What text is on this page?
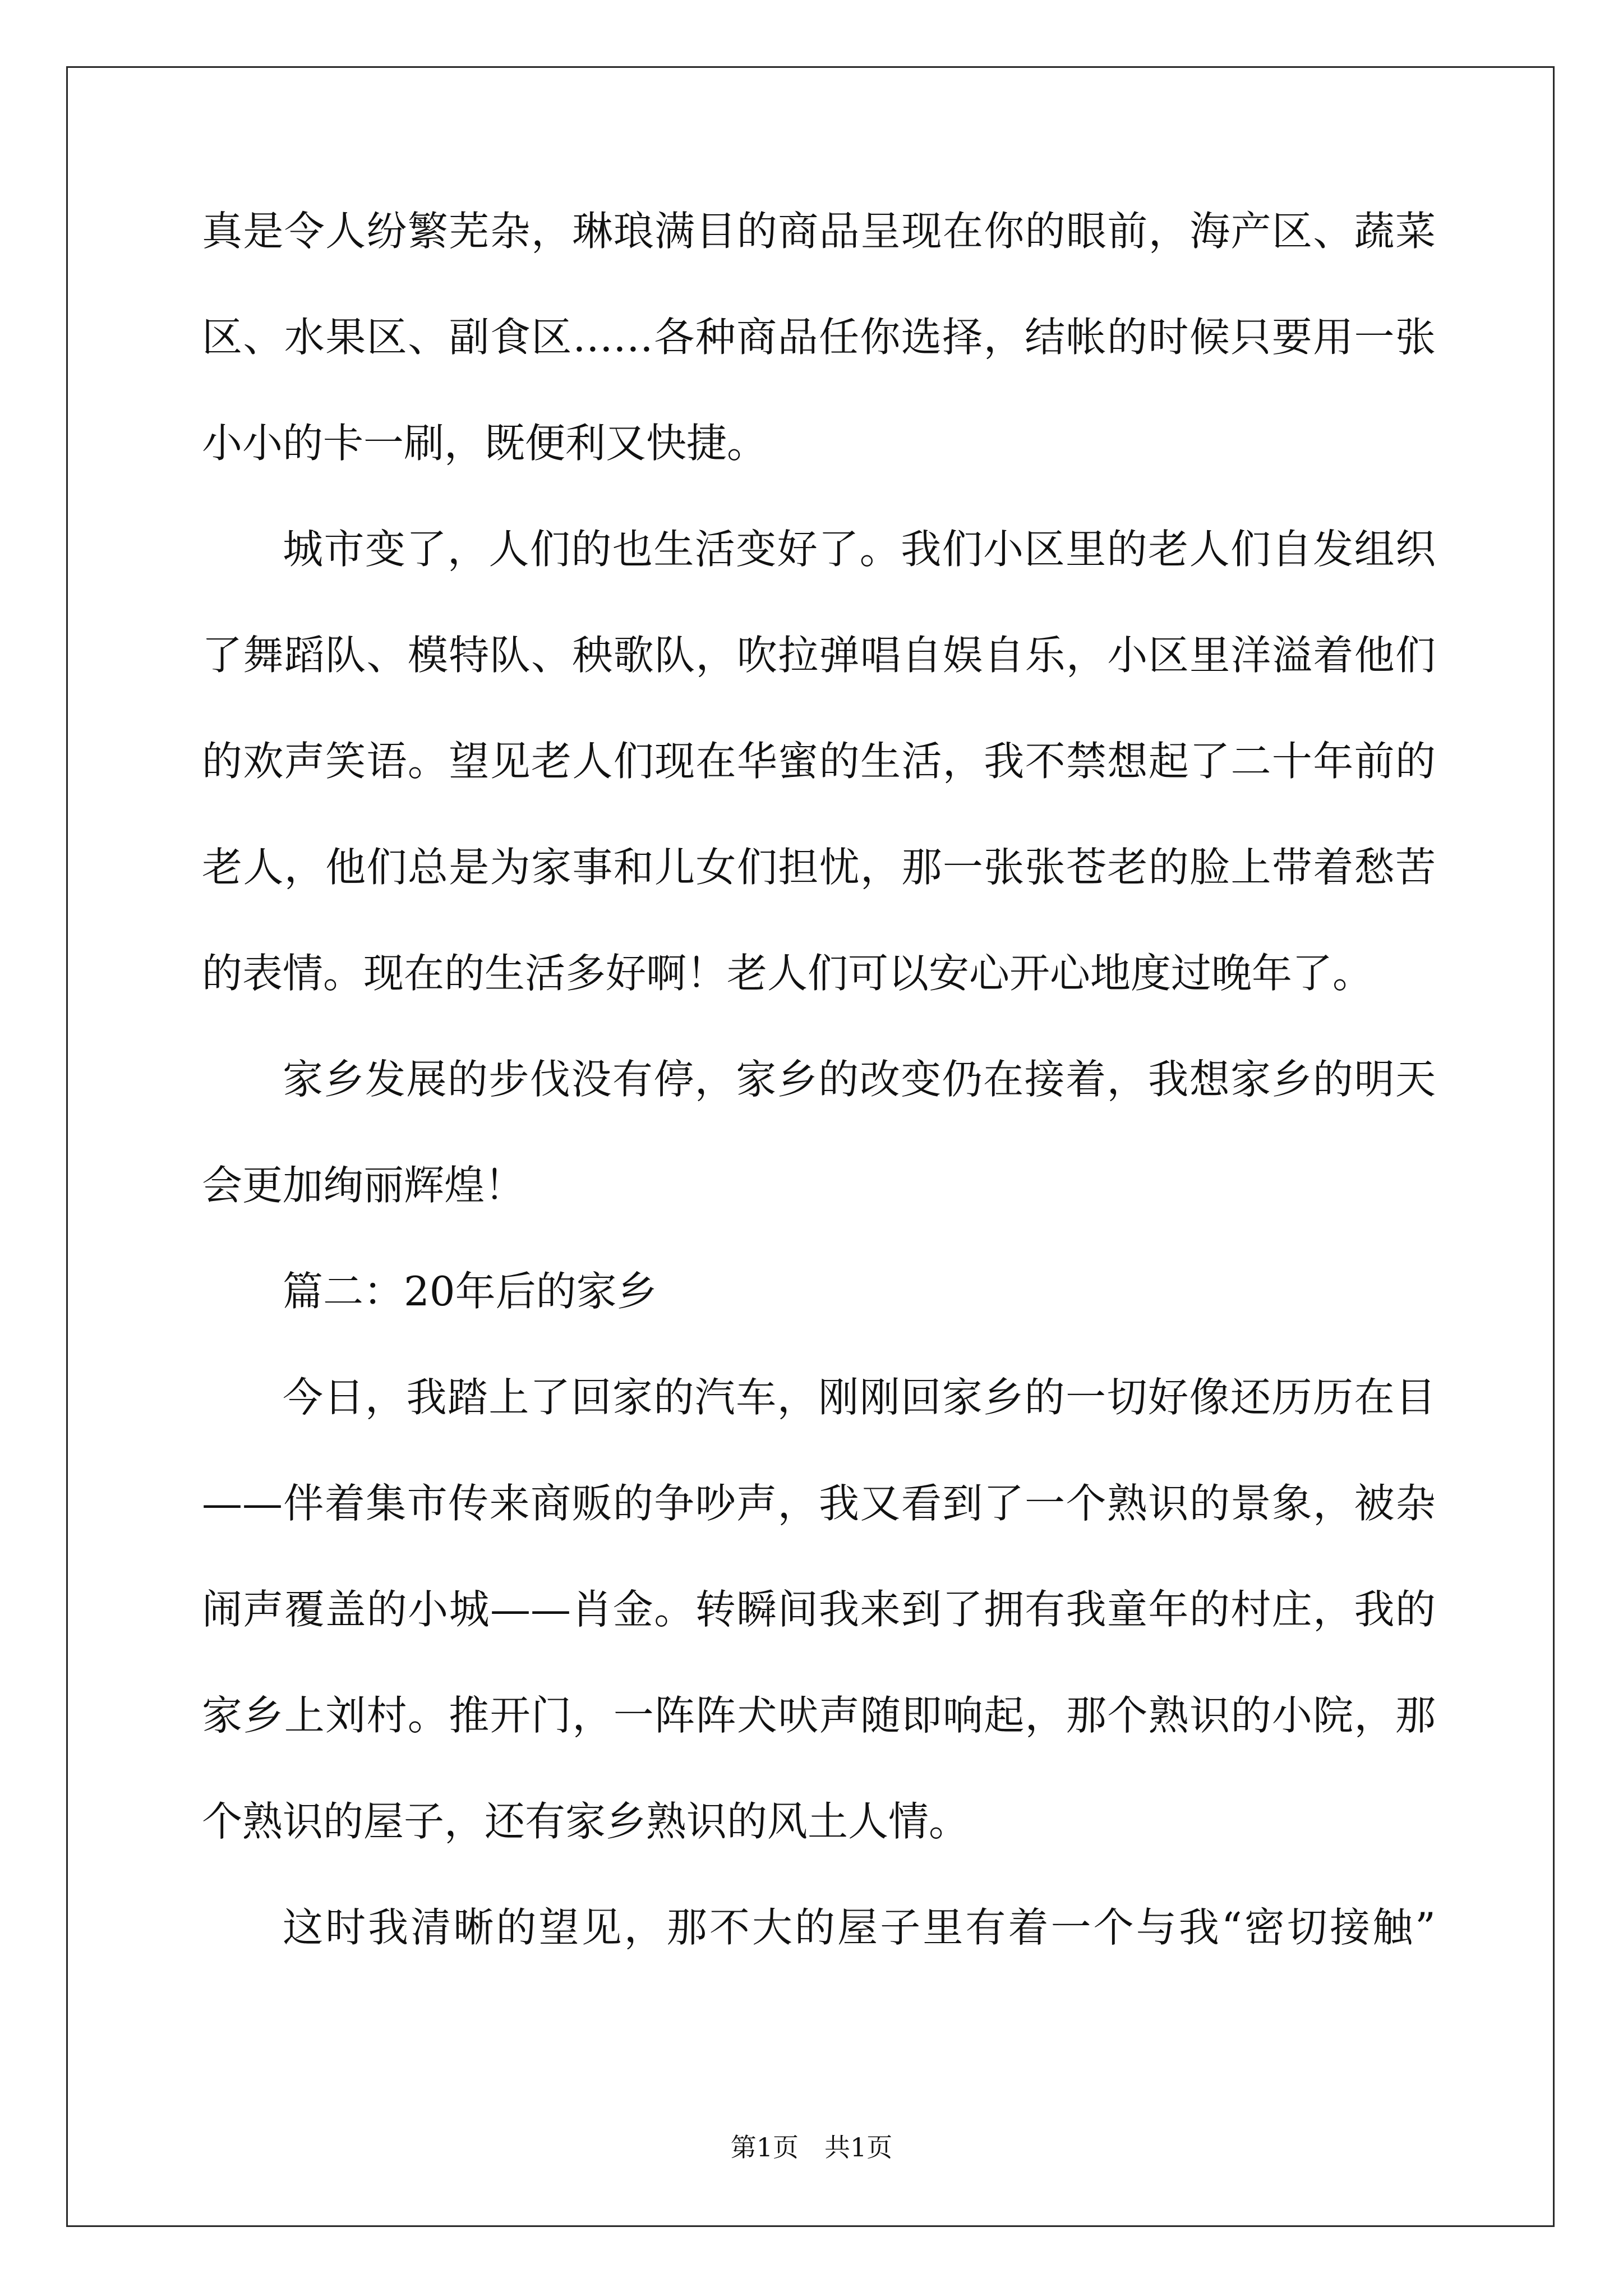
真是令人纷繁芜杂，琳琅满目的商品呈现在你的眼前，海产区、蔬菜
区、水果区、副食区……各种商品任你选择，结帐的时候只要用一张
小小的卡一刷，既便利又快捷。
城市变了，人们的也生活变好了。我们小区里的老人们自发组织
了舞蹈队、模特队、秧歌队，吹拉弹唱自娱自乐，小区里洋溢着他们
的欢声笑语。望见老人们现在华蜜的生活，我不禁想起了二十年前的
老人，他们总是为家事和儿女们担忧，那一张张苍老的脸上带着愁苦
的表情。现在的生活多好啊！老人们可以安心开心地度过晚年了。
家乡发展的步伐没有停，家乡的改变仍在接着，我想家乡的明天
会更加绚丽辉煌！
篇二：20年后的家乡
今日，我踏上了回家的汽车，刚刚回家乡的一切好像还历历在目
——伴着集市传来商贩的争吵声，我又看到了一个熟识的景象，被杂
闹声覆盖的小城——肖金。转瞬间我来到了拥有我童年的村庄，我的
家乡上刘村。推开门，一阵阵犬吠声随即响起，那个熟识的小院，那
个熟识的屋子，还有家乡熟识的风土人情。
这时我清晰的望见，那不大的屋子里有着一个与我“密切接触”
第1页　共1页
